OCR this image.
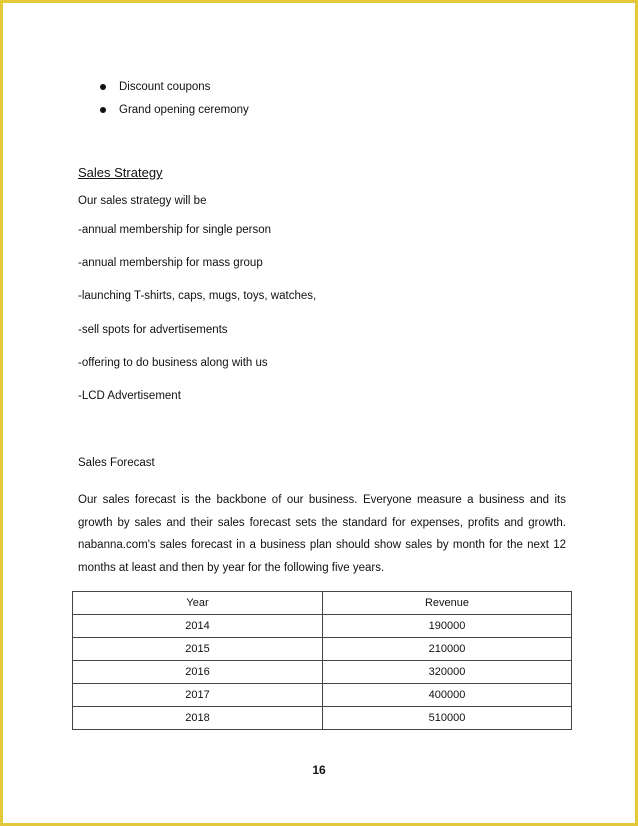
Discount coupons
Grand opening ceremony
Sales Strategy

Our sales strategy will be

-annual membership for single person

-annual membership for mass group

-launching T-shirts, caps, mugs, toys, watches,

-sell spots for advertisements

-offering to do business along with us

-LCD Advertisement

Sales Forecast

Our sales forecast is the backbone of our business. Everyone measure a business and its growth by sales and their sales forecast sets the standard for expenses, profits and growth. nabanna.com's sales forecast in a business plan should show sales by month for the next 12 months at least and then by year for the following five years.

Year	Revenue
2014	190000
2015	210000
2016	320000
2017	400000
2018	510000
16
